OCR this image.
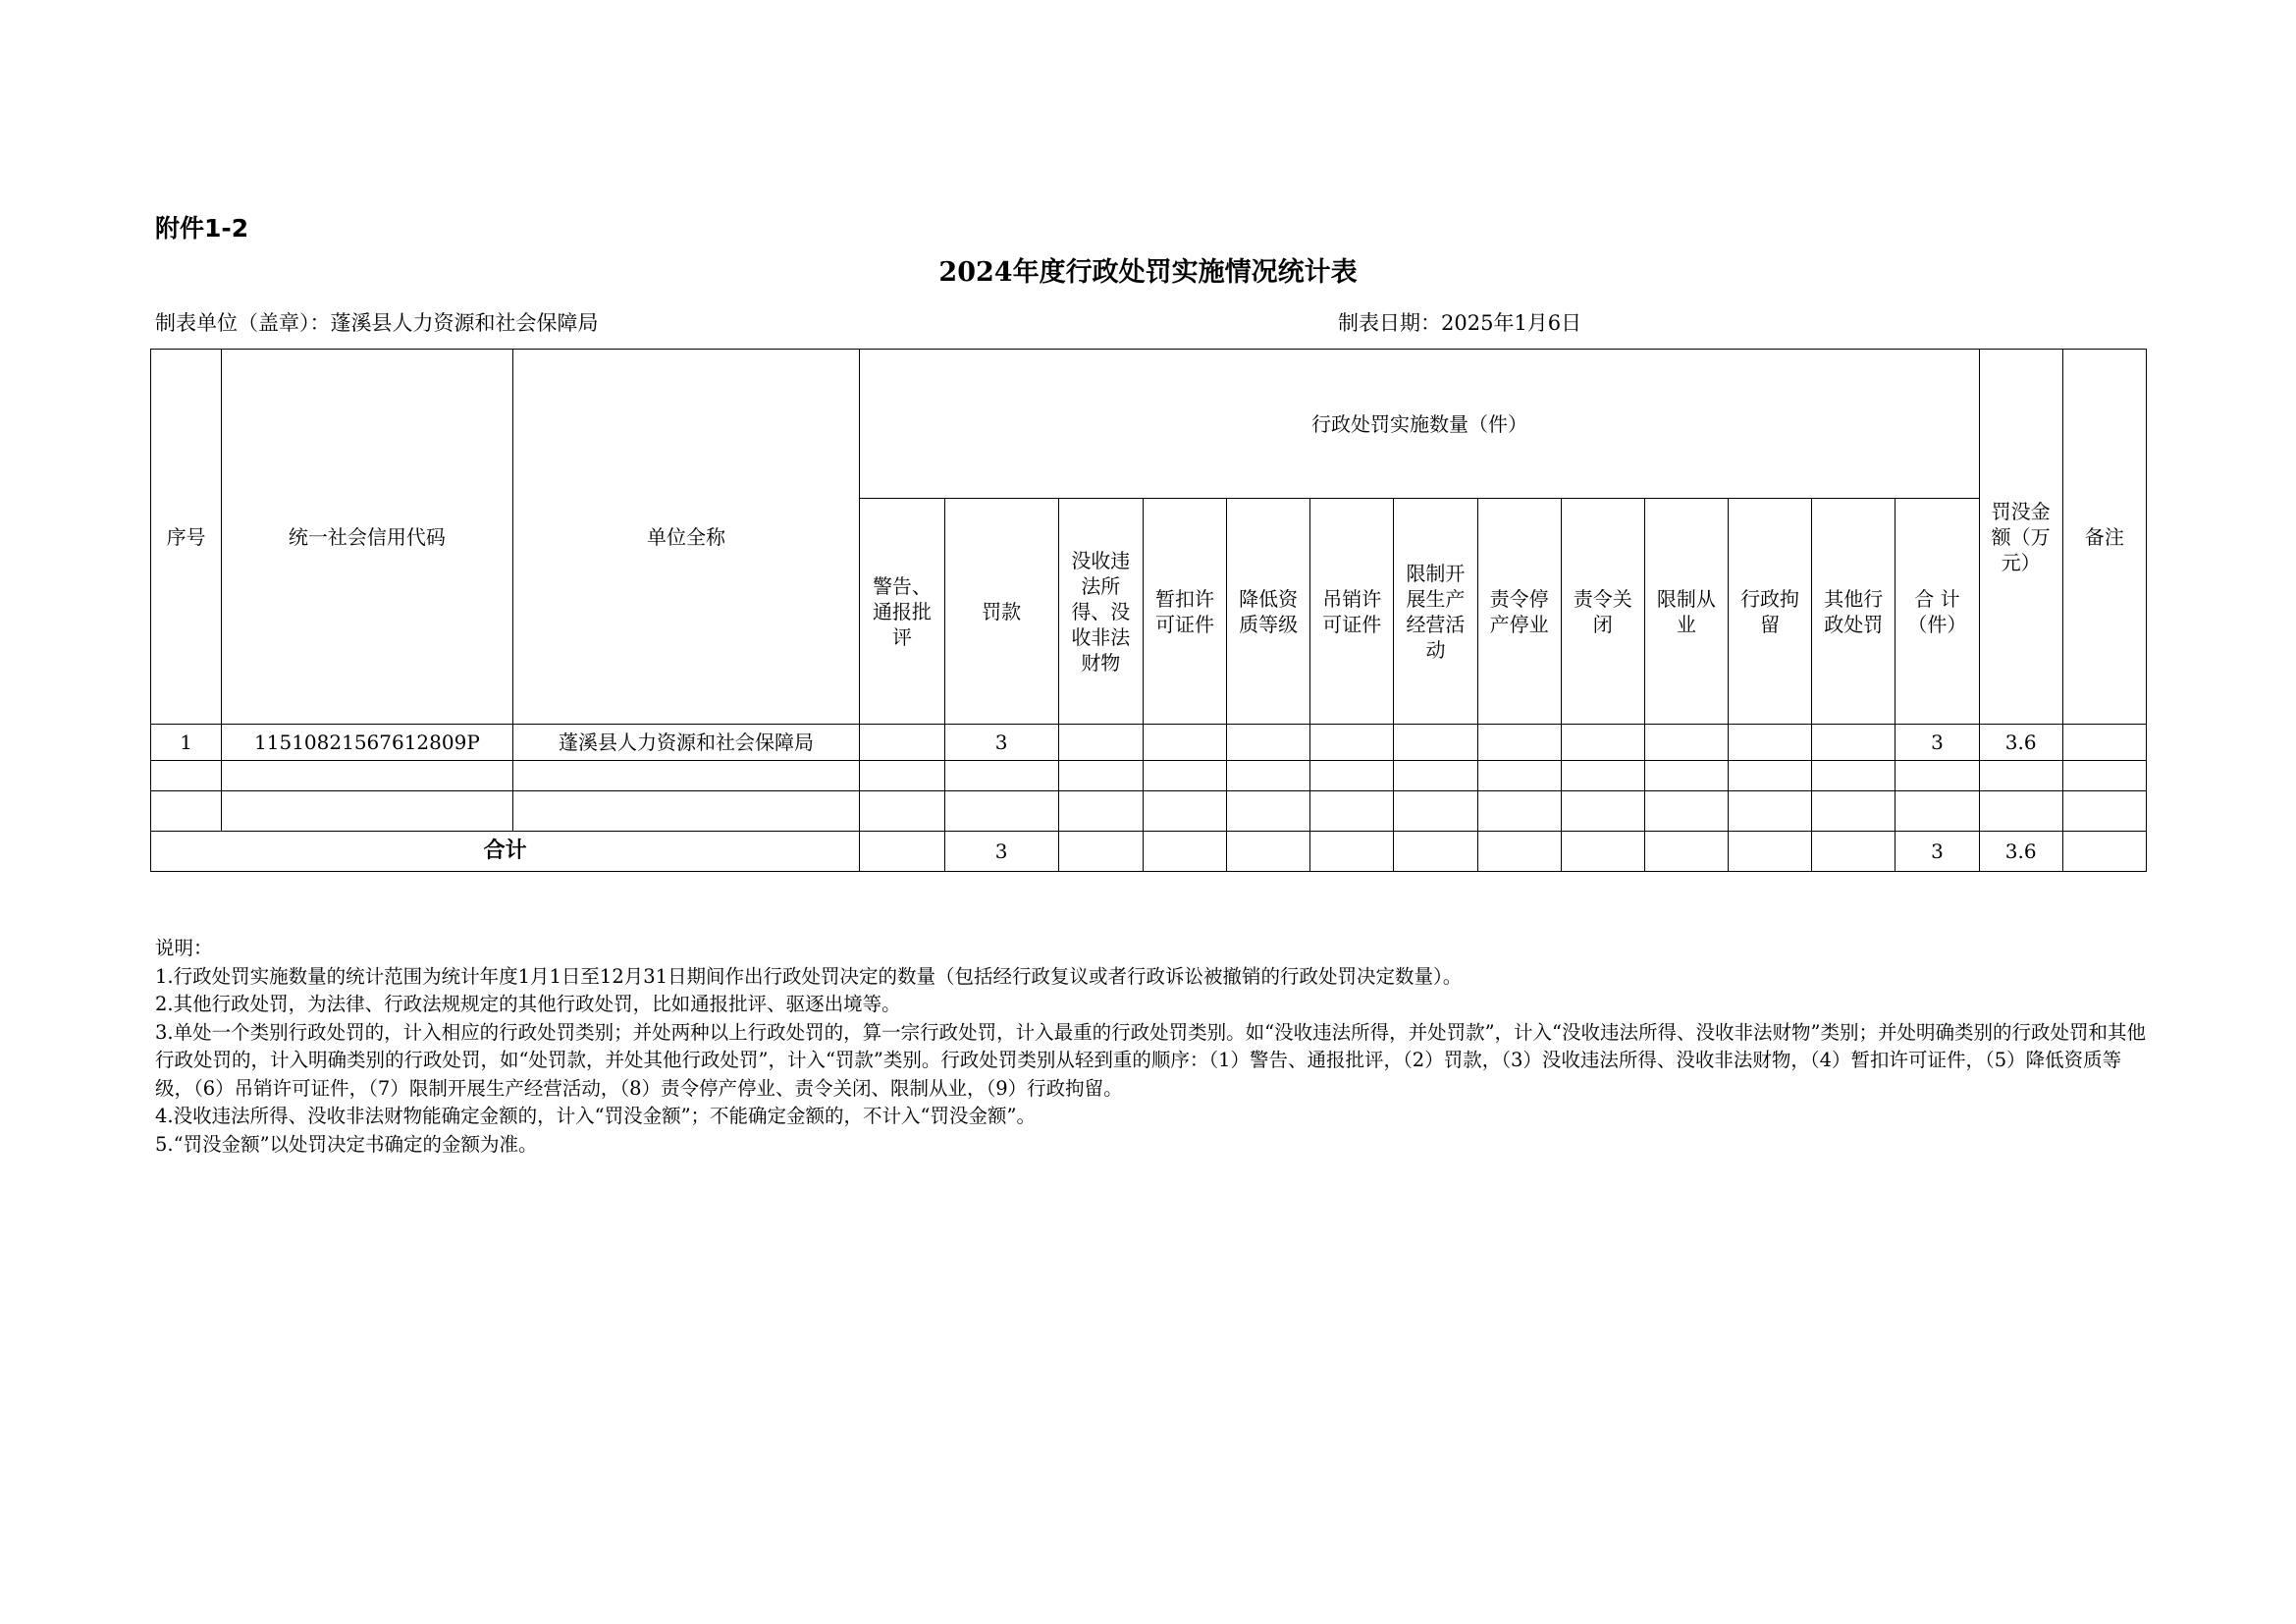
附件1-2
2024年度行政处罚实施情况统计表
制表单位（盖章）：蓬溪县人力资源和社会保障局	制表日期：2025年1月6日
序号	统一社会信用代码	单位全称	行政处罚实施数量（件）													罚没金额（万元）	备注
			警告、通报批评	罚款	没收违法所得、没收非法财物	暂扣许可证件	降低资质等级	吊销许可证件	限制开展生产经营活动	责令停产停业	责令关闭	限制从业	行政拘留	其他行政处罚	合 计（件）		
1	11510821567612809P	蓬溪县人力资源和社会保障局		3											3	3.6	

合计				3											3	3.6	

说明：

1.行政处罚实施数量的统计范围为统计年度1月1日至12月31日期间作出行政处罚决定的数量（包括经行政复议或者行政诉讼被撤销的行政处罚决定数量）。

2.其他行政处罚，为法律、行政法规规定的其他行政处罚，比如通报批评、驱逐出境等。

3.单处一个类别行政处罚的，计入相应的行政处罚类别；并处两种以上行政处罚的，算一宗行政处罚，计入最重的行政处罚类别。如“没收违法所得，并处罚款”，计入“没收违法所得、没收非法财物”类别；并处明确类别的行政处罚和其他行政处罚的，计入明确类别的行政处罚，如“处罚款，并处其他行政处罚”，计入“罚款”类别。行政处罚类别从轻到重的顺序：（1）警告、通报批评，（2）罚款，（3）没收违法所得、没收非法财物，（4）暂扣许可证件，（5）降低资质等级，（6）吊销许可证件，（7）限制开展生产经营活动，（8）责令停产停业、责令关闭、限制从业，（9）行政拘留。

4.没收违法所得、没收非法财物能确定金额的，计入“罚没金额”；不能确定金额的，不计入“罚没金额”。

5.“罚没金额”以处罚决定书确定的金额为准。
